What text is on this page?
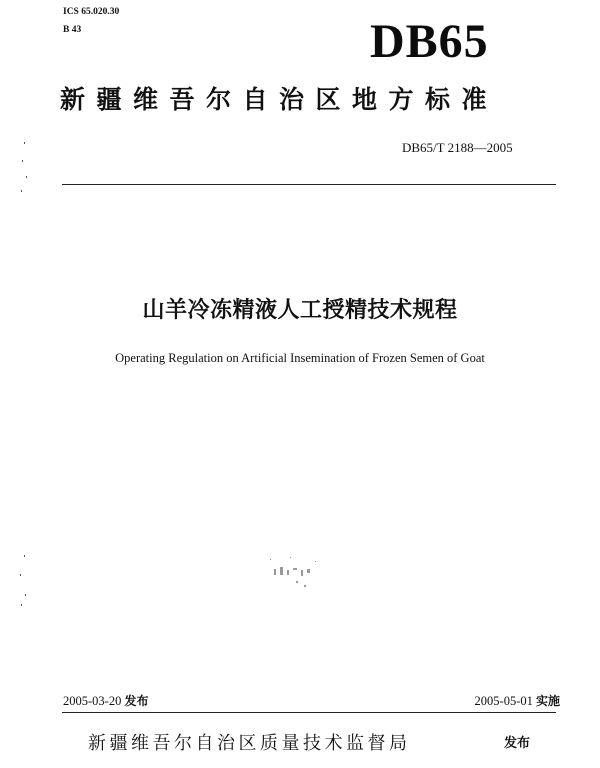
ICS 65.020.30
B 43	DB65
新疆维吾尔自治区地方标准
DB65/T 2188—2005
山羊冷冻精液人工授精技术规程
Operating Regulation on Artificial Insemination of Frozen Semen of Goat
2005-03-20 发布	2005-05-01 实施
新疆维吾尔自治区质量技术监督局	发布
